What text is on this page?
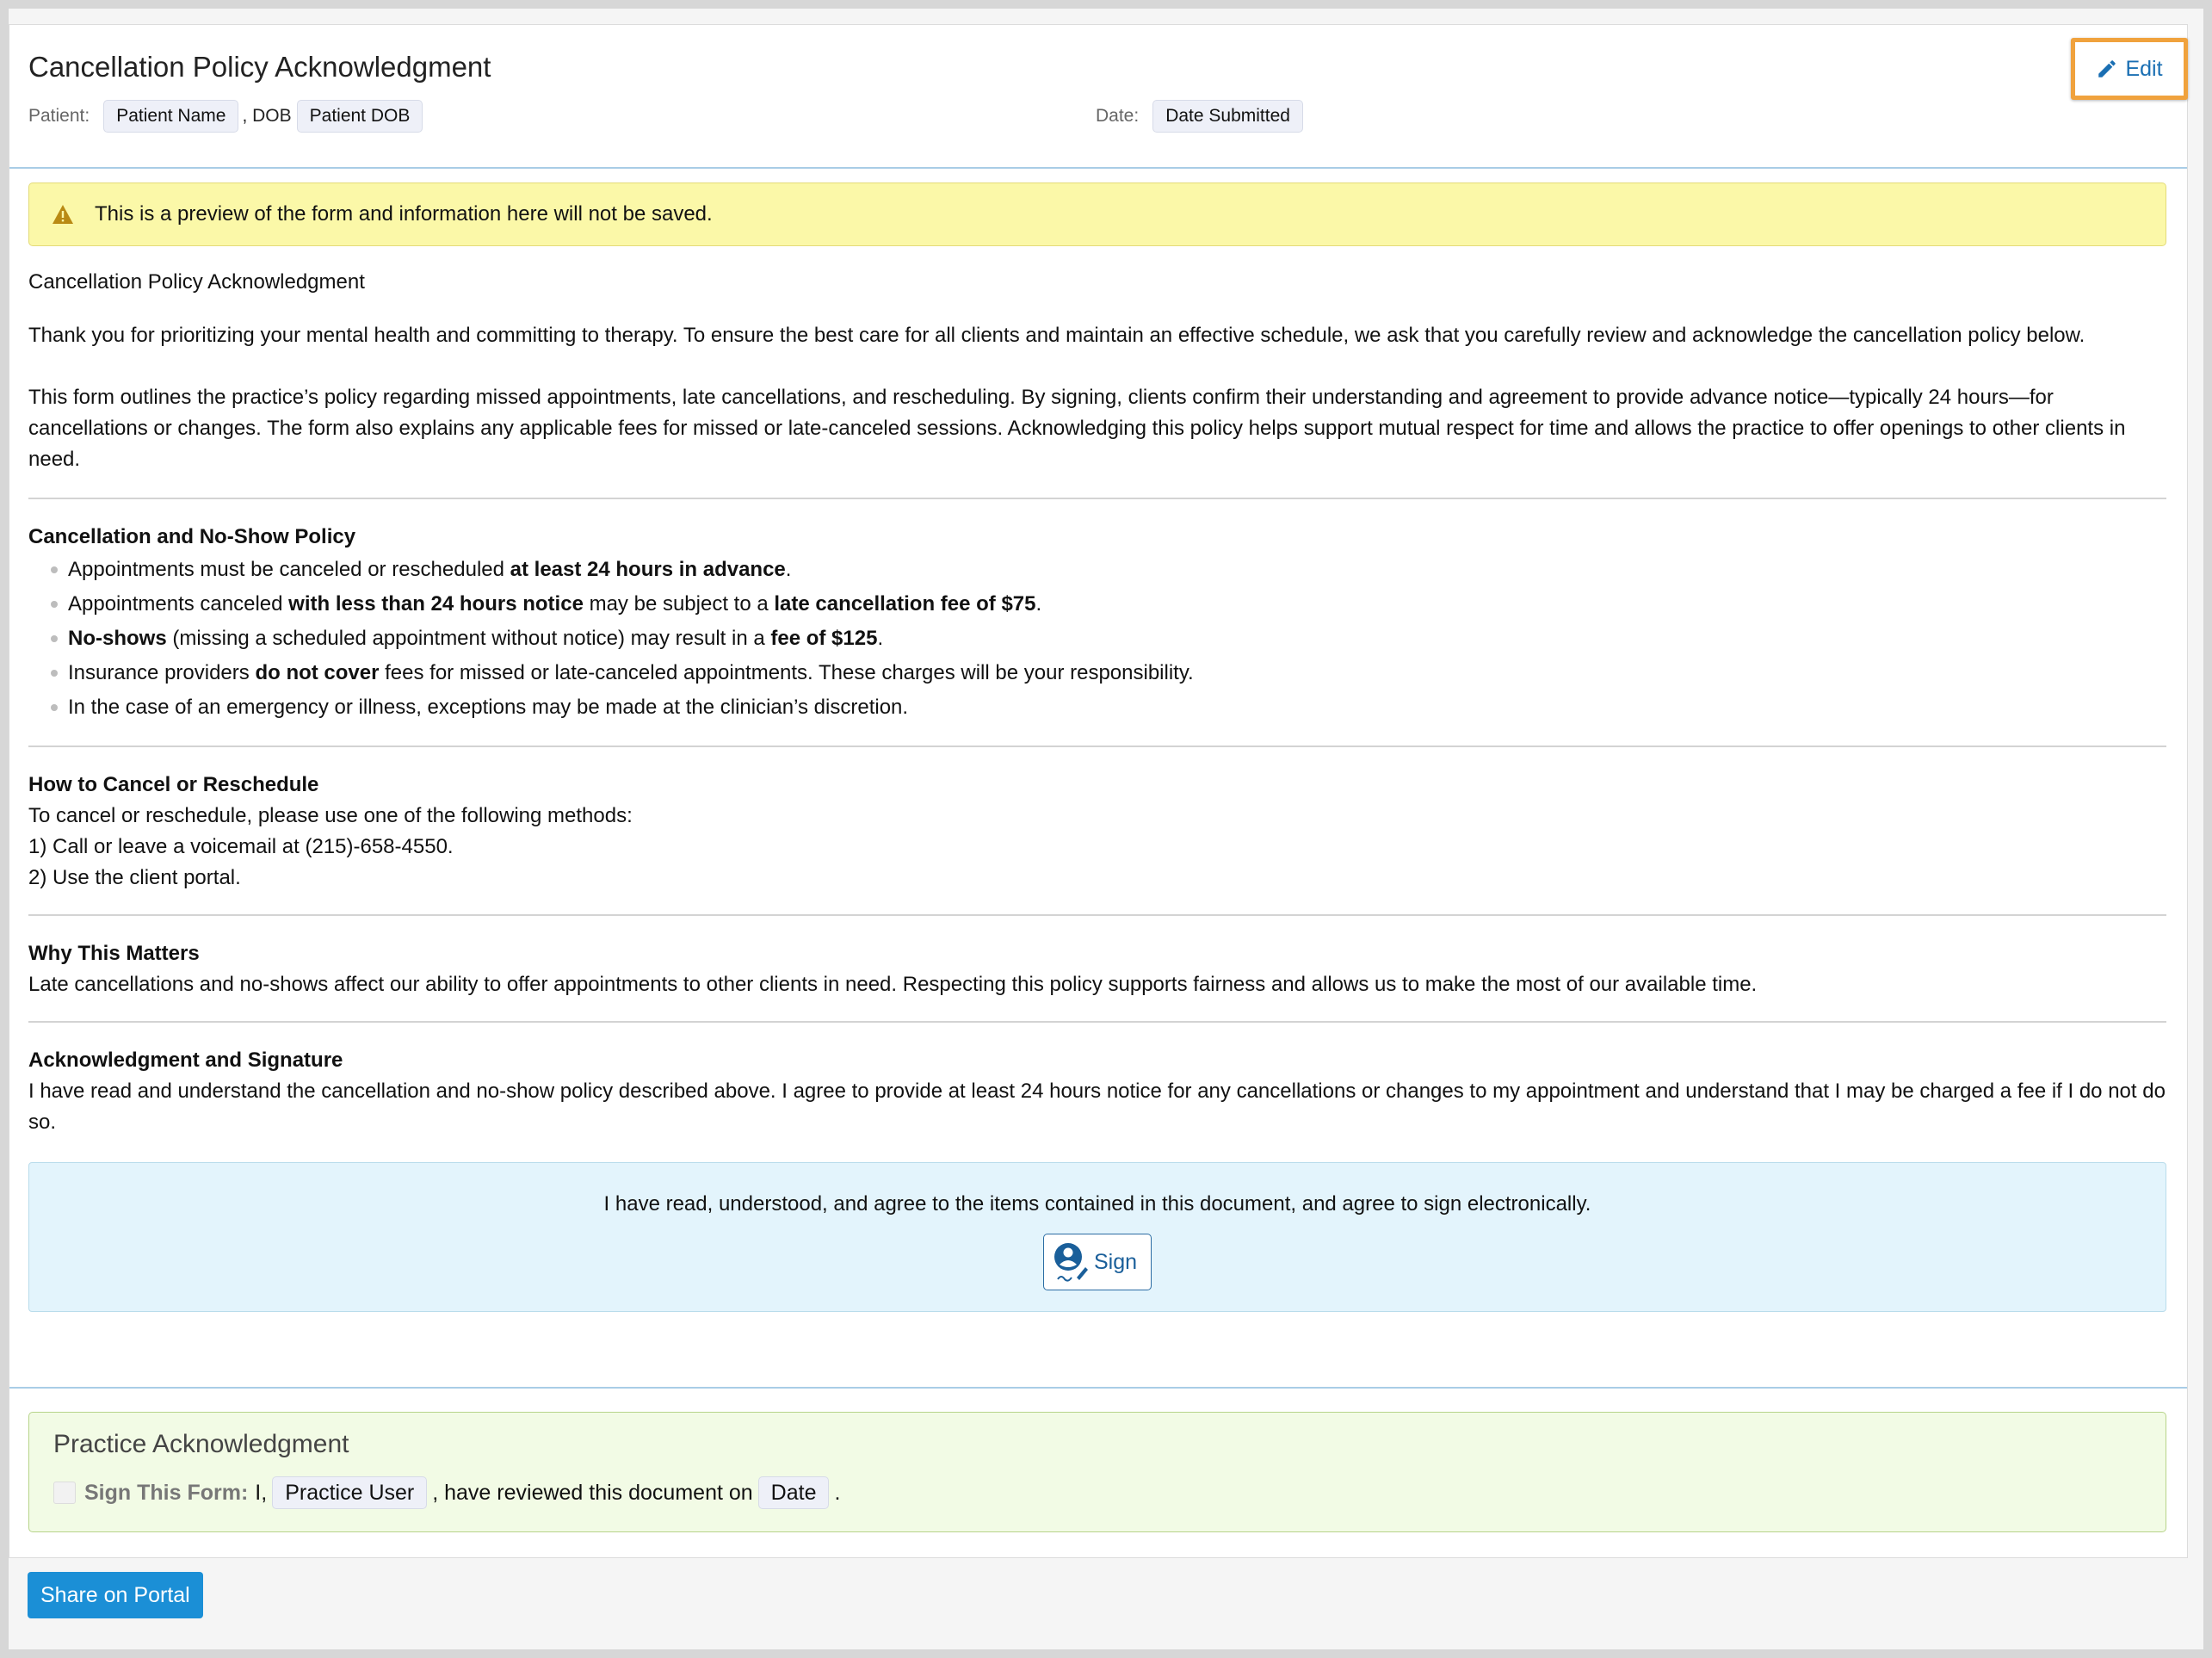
Cancellation Policy Acknowledgment
Patient:	Patient Name , DOB	Patient DOB	Date:	Date Submitted
Edit
This is a preview of the form and information here will not be saved.
Cancellation Policy Acknowledgment
Thank you for prioritizing your mental health and committing to therapy. To ensure the best care for all clients and maintain an effective schedule, we ask that you carefully review and acknowledge the cancellation policy below.
This form outlines the practice’s policy regarding missed appointments, late cancellations, and rescheduling. By signing, clients confirm their understanding and agreement to provide advance notice—typically 24 hours—for cancellations or changes. The form also explains any applicable fees for missed or late-canceled sessions. Acknowledging this policy helps support mutual respect for time and allows the practice to offer openings to other clients in need.
Cancellation and No-Show Policy
Appointments must be canceled or rescheduled at least 24 hours in advance.
Appointments canceled with less than 24 hours notice may be subject to a late cancellation fee of $75.
No-shows (missing a scheduled appointment without notice) may result in a fee of $125.
Insurance providers do not cover fees for missed or late-canceled appointments. These charges will be your responsibility.
In the case of an emergency or illness, exceptions may be made at the clinician’s discretion.
How to Cancel or Reschedule
To cancel or reschedule, please use one of the following methods:
1) Call or leave a voicemail at (215)-658-4550.
2) Use the client portal.
Why This Matters
Late cancellations and no-shows affect our ability to offer appointments to other clients in need. Respecting this policy supports fairness and allows us to make the most of our available time.
Acknowledgment and Signature
I have read and understand the cancellation and no-show policy described above. I agree to provide at least 24 hours notice for any cancellations or changes to my appointment and understand that I may be charged a fee if I do not do so.
I have read, understood, and agree to the items contained in this document, and agree to sign electronically.
Sign
Practice Acknowledgment
Sign This Form: I, Practice User , have reviewed this document on Date .
Share on Portal
